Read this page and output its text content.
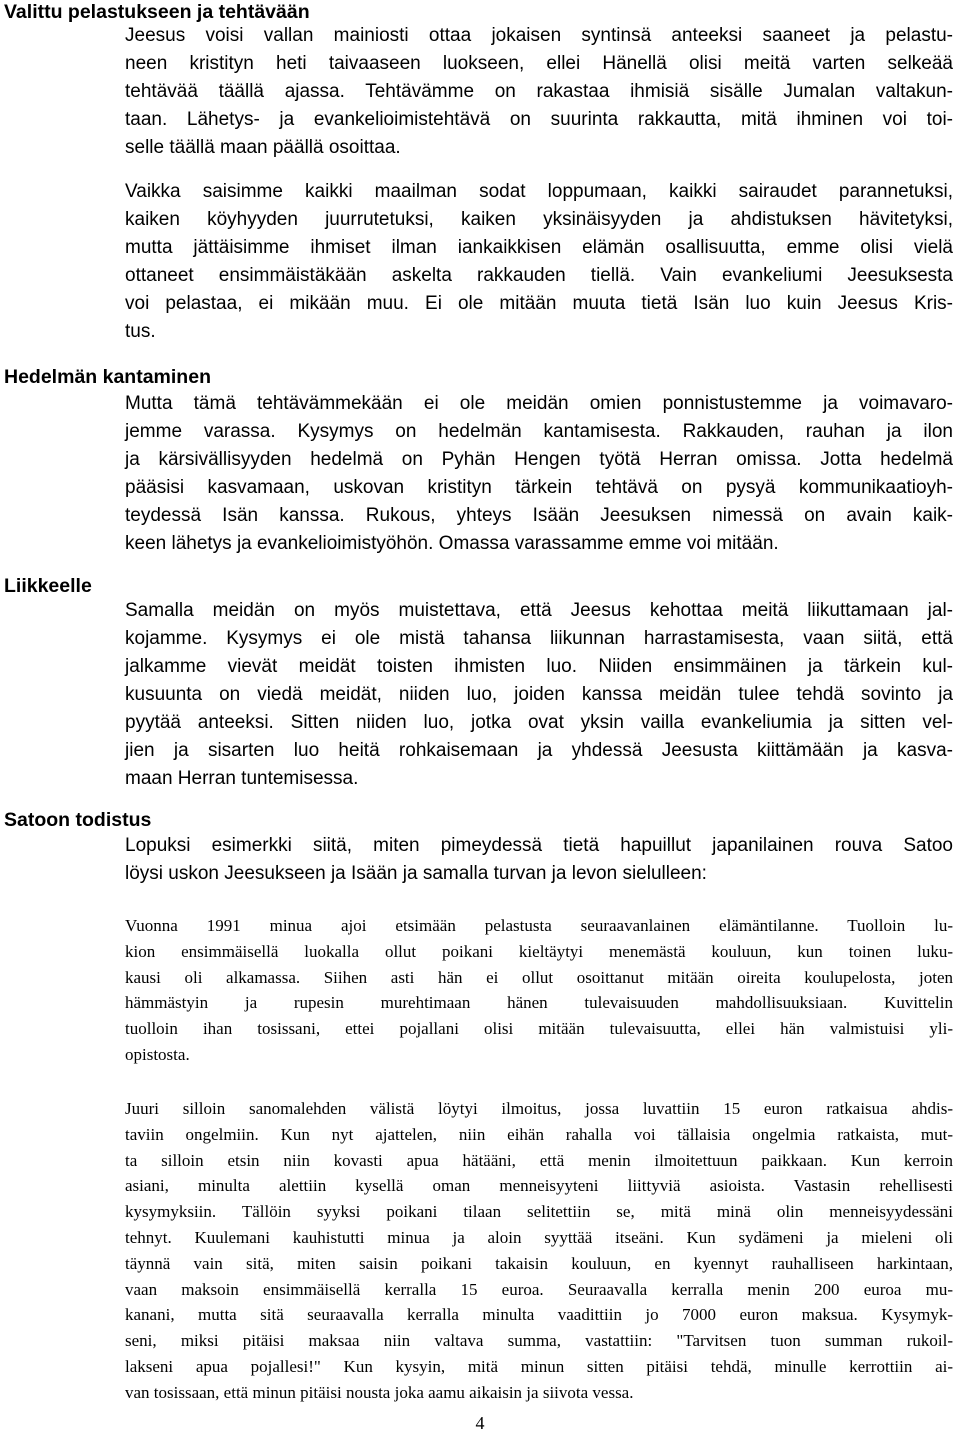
Valittu pelastukseen ja tehtävään

Jeesus voisi vallan mainiosti ottaa jokaisen syntinsä anteeksi saaneet ja pelastu-
neen kristityn heti taivaaseen luokseen, ellei Hänellä olisi meitä varten selkeää
tehtävää täällä ajassa. Tehtävämme on rakastaa ihmisiä sisälle Jumalan valtakun-
taan. Lähetys- ja evankelioimistehtävä on suurinta rakkautta, mitä ihminen voi toi-
selle täällä maan päällä osoittaa.

Vaikka saisimme kaikki maailman sodat loppumaan, kaikki sairaudet parannetuksi,
kaiken köyhyyden juurrutetuksi, kaiken yksinäisyyden ja ahdistuksen hävitetyksi,
mutta jättäisimme ihmiset ilman iankaikkisen elämän osallisuutta, emme olisi vielä
ottaneet ensimmäistäkään askelta rakkauden tiellä. Vain evankeliumi Jeesuksesta
voi pelastaa, ei mikään muu. Ei ole mitään muuta tietä Isän luo kuin Jeesus Kris-
tus.

Hedelmän kantaminen

Mutta tämä tehtävämmekään ei ole meidän omien ponnistustemme ja voimavaro-
jemme varassa. Kysymys on hedelmän kantamisesta. Rakkauden, rauhan ja ilon
ja kärsivällisyyden hedelmä on Pyhän Hengen työtä Herran omissa. Jotta hedelmä
pääsisi kasvamaan, uskovan kristityn tärkein tehtävä on pysyä kommunikaatioyh-
teydessä Isän kanssa. Rukous, yhteys Isään Jeesuksen nimessä on avain kaik-
keen lähetys ja evankelioimistyöhön. Omassa varassamme emme voi mitään.

Liikkeelle

Samalla meidän on myös muistettava, että Jeesus kehottaa meitä liikuttamaan jal-
kojamme. Kysymys ei ole mistä tahansa liikunnan harrastamisesta, vaan siitä, että
jalkamme vievät meidät toisten ihmisten luo. Niiden ensimmäinen ja tärkein kul-
kusuunta on viedä meidät, niiden luo, joiden kanssa meidän tulee tehdä sovinto ja
pyytää anteeksi. Sitten niiden luo, jotka ovat yksin vailla evankeliumia ja sitten vel-
jien ja sisarten luo heitä rohkaisemaan ja yhdessä Jeesusta kiittämään ja kasva-
maan Herran tuntemisessa.

Satoon todistus

Lopuksi esimerkki siitä, miten pimeydessä tietä hapuillut japanilainen rouva Satoo
löysi uskon Jeesukseen ja Isään ja samalla turvan ja levon sielulleen:

Vuonna 1991 minua ajoi etsimään pelastusta seuraavanlainen elämäntilanne. Tuolloin lu-
kion ensimmäisellä luokalla ollut poikani kieltäytyi menemästä kouluun, kun toinen luku-
kausi oli alkamassa. Siihen asti hän ei ollut osoittanut mitään oireita koulupelosta, joten
hämmästyin ja rupesin murehtimaan hänen tulevaisuuden mahdollisuuksiaan. Kuvittelin
tuolloin ihan tosissani, ettei pojallani olisi mitään tulevaisuutta, ellei hän valmistuisi yli-
opistosta.

Juuri silloin sanomalehden välistä löytyi ilmoitus, jossa luvattiin 15 euron ratkaisua ahdis-
taviin ongelmiin. Kun nyt ajattelen, niin eihän rahalla voi tällaisia ongelmia ratkaista, mut-
ta silloin etsin niin kovasti apua hätääni, että menin ilmoitettuun paikkaan. Kun kerroin
asiani, minulta alettiin kysellä oman menneisyyteni liittyviä asioista. Vastasin rehellisesti
kysymyksiin. Tällöin syyksi poikani tilaan selitettiin se, mitä minä olin menneisyydessäni
tehnyt. Kuulemani kauhistutti minua ja aloin syyttää itseäni. Kun sydämeni ja mieleni oli
täynnä vain sitä, miten saisin poikani takaisin kouluun, en kyennyt rauhalliseen harkintaan,
vaan maksoin ensimmäisellä kerralla 15 euroa. Seuraavalla kerralla menin 200 euroa mu-
kanani, mutta sitä seuraavalla kerralla minulta vaadittiin jo 7000 euron maksua. Kysymyk-
seni, miksi pitäisi maksaa niin valtava summa, vastattiin: "Tarvitsen tuon summan rukoil-
lakseni apua pojallesi!" Kun kysyin, mitä minun sitten pitäisi tehdä, minulle kerrottiin ai-
van tosissaan, että minun pitäisi nousta joka aamu aikaisin ja siivota vessa.

4
